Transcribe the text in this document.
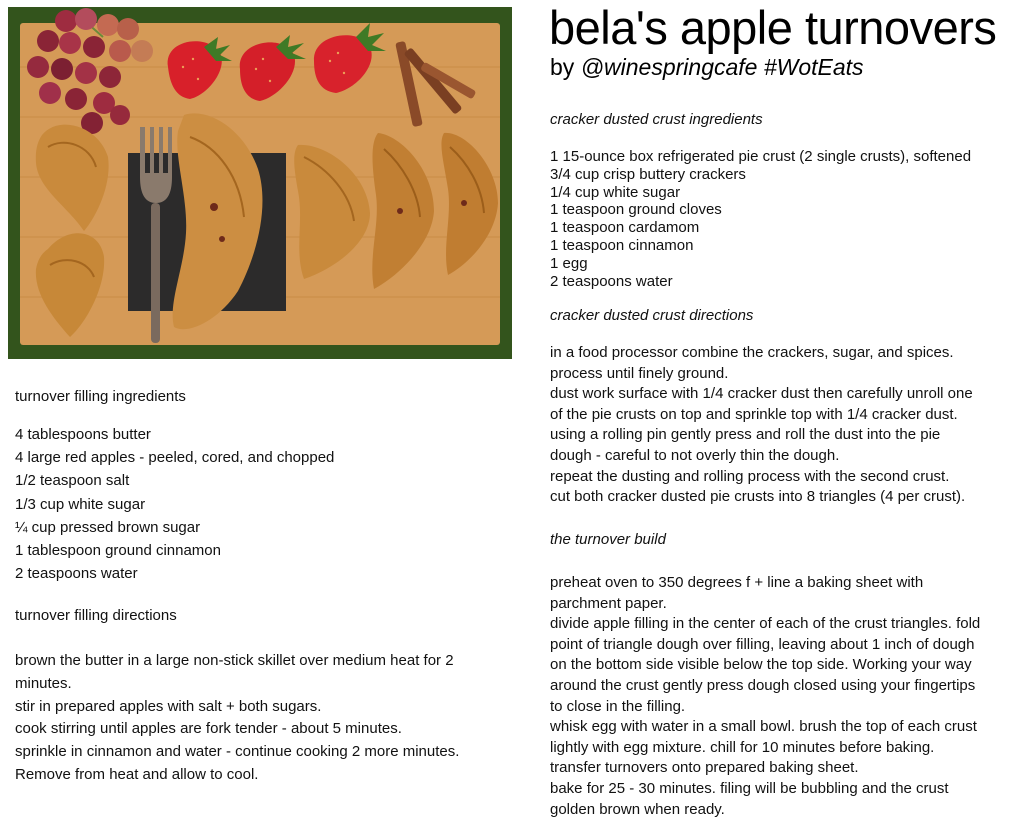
bela's apple turnovers
by @winespringcafe #WotEats
cracker dusted crust ingredients
1 15-ounce box refrigerated pie crust (2 single crusts), softened
3/4 cup crisp buttery crackers
1/4 cup white sugar
1 teaspoon ground cloves
1 teaspoon cardamom
1 teaspoon cinnamon
1 egg
2 teaspoons water
cracker dusted crust directions
in a food processor combine the crackers, sugar, and spices.
process until finely ground.
dust work surface with 1/4 cracker dust then carefully unroll one
of the pie crusts on top and sprinkle top with 1/4 cracker dust.
using a rolling pin gently press and roll the dust into the pie
dough - careful to not overly thin the dough.
repeat the dusting and rolling process with the second crust.
cut both cracker dusted pie crusts into 8 triangles (4 per crust).
the turnover build
preheat oven to 350 degrees f + line a baking sheet with
parchment paper.
divide apple filling in the center of each of the crust triangles. fold
point of triangle dough over filling, leaving about 1 inch of dough
on the bottom side visible below the top side. Working your way
around the crust gently press dough closed using your fingertips
to close in the filling.
whisk egg with water in a small bowl. brush the top of each crust
lightly with egg mixture. chill for 10 minutes before baking.
transfer turnovers onto prepared baking sheet.
bake for 25 - 30 minutes. filing will be bubbling and the crust
golden brown when ready.
turnover filling ingredients
4 tablespoons butter
4 large red apples - peeled, cored, and chopped
1/2 teaspoon salt
1/3 cup white sugar
¼ cup pressed brown sugar
1 tablespoon ground cinnamon
2 teaspoons water
turnover filling directions
brown the butter in a large non-stick skillet over medium heat for 2
minutes.
stir in prepared apples with salt + both sugars.
cook stirring until apples are fork tender - about 5 minutes.
sprinkle in cinnamon and water - continue cooking 2 more minutes.
Remove from heat and allow to cool.
